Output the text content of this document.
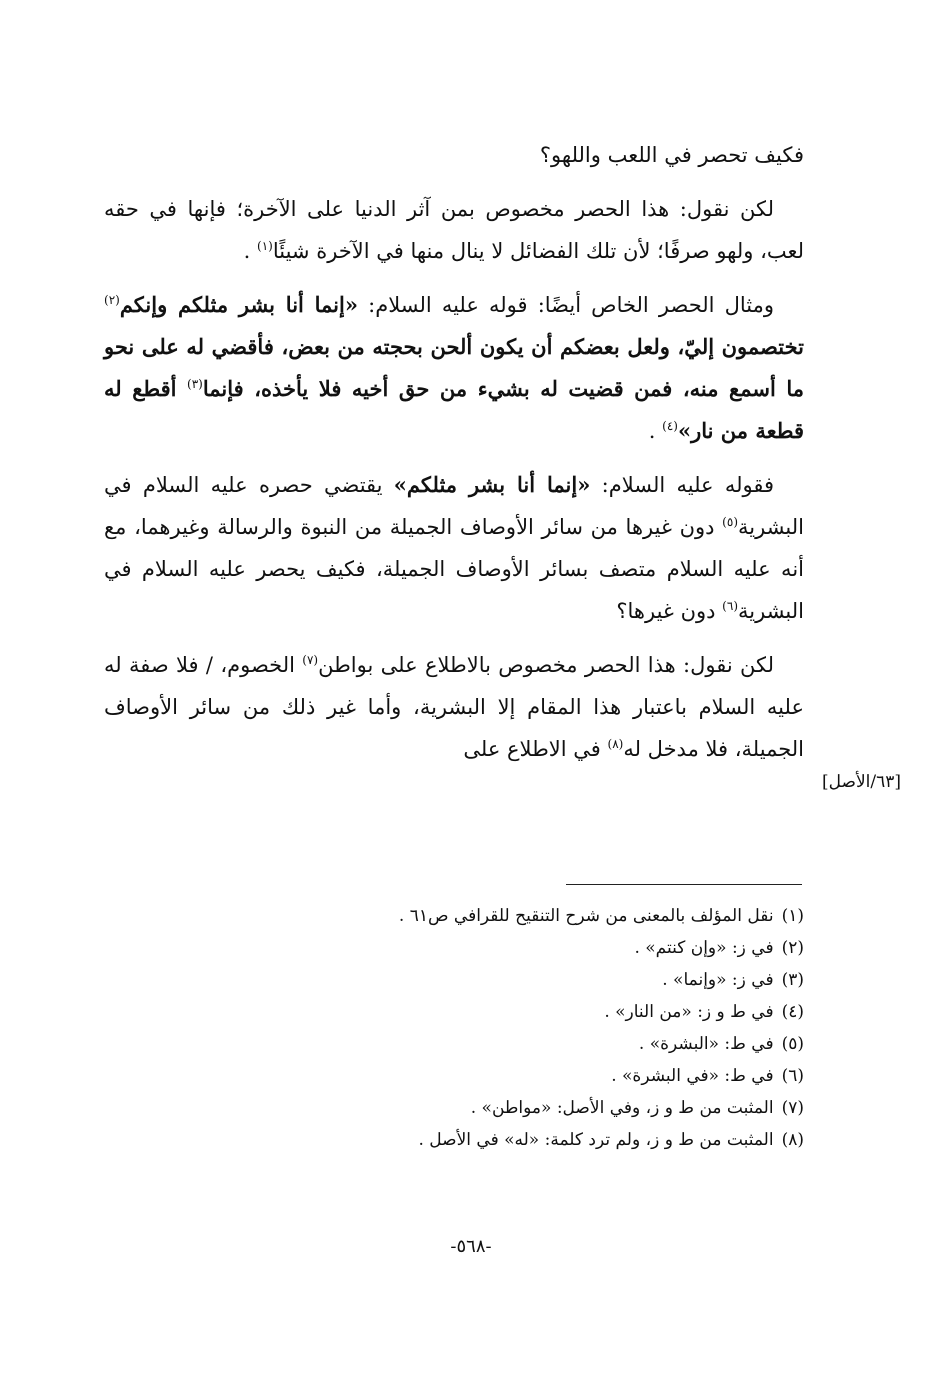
فكيف تحصر في اللعب واللهو؟

لكن نقول: هذا الحصر مخصوص بمن آثر الدنيا على الآخرة؛ فإنها في حقه لعب، ولهو صرفًا؛ لأن تلك الفضائل لا ينال منها في الآخرة شيئًا$^{(١)}$ .

ومثال الحصر الخاص أيضًا: قوله عليه السلام: «إنما أنا بشر مثلكم وإنكم$^{(٢)}$ تختصمون إليّ، ولعل بعضكم أن يكون ألحن بحجته من بعض، فأقضي له على نحو ما أسمع منه، فمن قضيت له بشيء من حق أخيه فلا يأخذه، فإنما$^{(٣)}$ أقطع له قطعة من نار»$^{(٤)}$ .

فقوله عليه السلام: «إنما أنا بشر مثلكم» يقتضي حصره عليه السلام في البشرية$^{(٥)}$ دون غيرها من سائر الأوصاف الجميلة من النبوة والرسالة وغيرهما، مع أنه عليه السلام متصف بسائر الأوصاف الجميلة، فكيف يحصر عليه السلام في البشرية$^{(٦)}$ دون غيرها؟

لكن نقول: هذا الحصر مخصوص بالاطلاع على بواطن$^{(٧)}$ الخصوم، / فلا صفة له عليه السلام باعتبار هذا المقام إلا البشرية، وأما غير ذلك من سائر الأوصاف الجميلة، فلا مدخل له$^{(٨)}$ في الاطلاع على

[٦٣/الأصل]
(١)نقل المؤلف بالمعنى من شرح التنقيح للقرافي ص٦١ .
(٢)في ز: «وإن كنتم» .
(٣)في ز: «وإنما» .
(٤)في ط و ز: «من النار» .
(٥)في ط: «البشرة» .
(٦)في ط: «في البشرة» .
(٧)المثبت من ط و ز، وفي الأصل: «مواطن» .
(٨)المثبت من ط و ز، ولم ترد كلمة: «له» في الأصل .
-٥٦٨-
